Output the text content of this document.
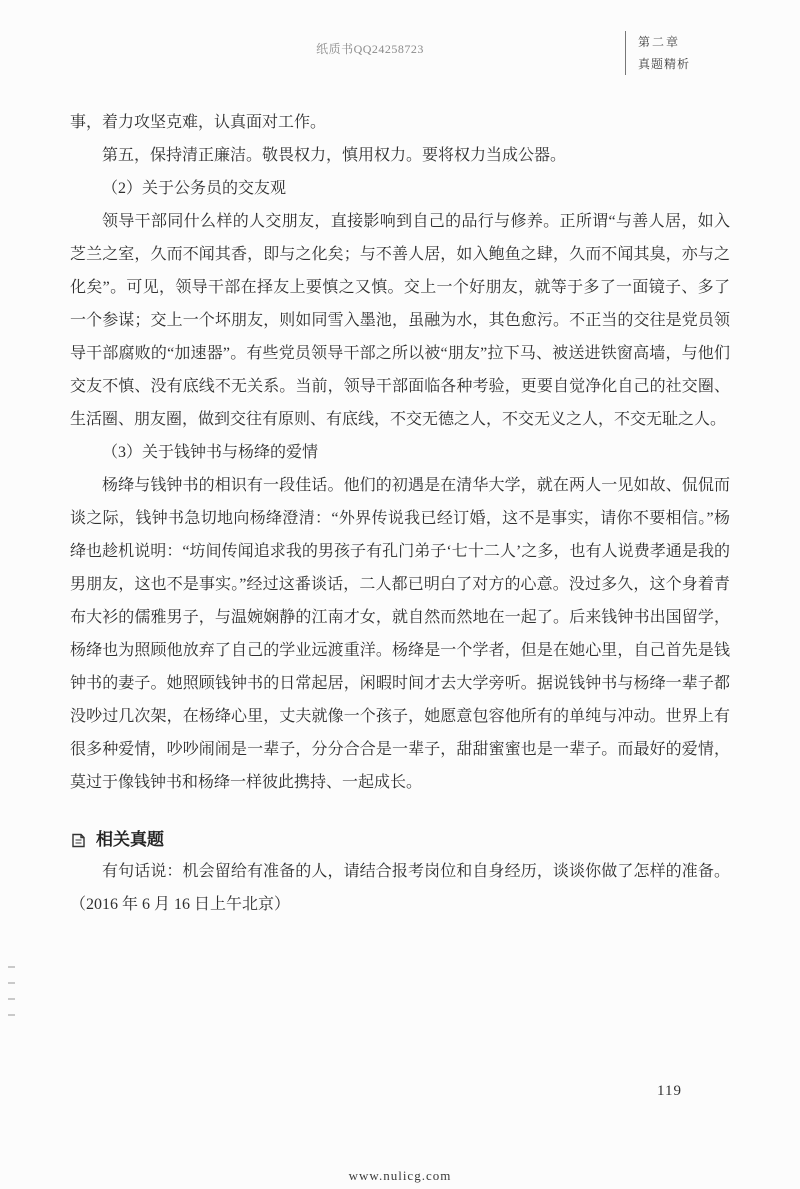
纸质书QQ24258723	第二章
真题精析

事，着力攻坚克难，认真面对工作。

第五，保持清正廉洁。敬畏权力，慎用权力。要将权力当成公器。

（2）关于公务员的交友观

领导干部同什么样的人交朋友，直接影响到自己的品行与修养。正所谓“与善人居，如入芝兰之室，久而不闻其香，即与之化矣；与不善人居，如入鲍鱼之肆，久而不闻其臭，亦与之化矣”。可见，领导干部在择友上要慎之又慎。交上一个好朋友，就等于多了一面镜子、多了一个参谋；交上一个坏朋友，则如同雪入墨池，虽融为水，其色愈污。不正当的交往是党员领导干部腐败的“加速器”。有些党员领导干部之所以被“朋友”拉下马、被送进铁窗高墙，与他们交友不慎、没有底线不无关系。当前，领导干部面临各种考验，更要自觉净化自己的社交圈、生活圈、朋友圈，做到交往有原则、有底线，不交无德之人，不交无义之人，不交无耻之人。

（3）关于钱钟书与杨绛的爱情

杨绛与钱钟书的相识有一段佳话。他们的初遇是在清华大学，就在两人一见如故、侃侃而谈之际，钱钟书急切地向杨绛澄清：“外界传说我已经订婚，这不是事实，请你不要相信。”杨绛也趁机说明：“坊间传闻追求我的男孩子有孔门弟子‘七十二人’之多，也有人说费孝通是我的男朋友，这也不是事实。”经过这番谈话，二人都已明白了对方的心意。没过多久，这个身着青布大衫的儒雅男子，与温婉娴静的江南才女，就自然而然地在一起了。后来钱钟书出国留学，杨绛也为照顾他放弃了自己的学业远渡重洋。杨绛是一个学者，但是在她心里，自己首先是钱钟书的妻子。她照顾钱钟书的日常起居，闲暇时间才去大学旁听。据说钱钟书与杨绛一辈子都没吵过几次架，在杨绛心里，丈夫就像一个孩子，她愿意包容他所有的单纯与冲动。世界上有很多种爱情，吵吵闹闹是一辈子，分分合合是一辈子，甜甜蜜蜜也是一辈子。而最好的爱情，莫过于像钱钟书和杨绛一样彼此携持、一起成长。

相关真题

有句话说：机会留给有准备的人，请结合报考岗位和自身经历，谈谈你做了怎样的准备。（2016 年 6 月 16 日上午北京）

119
www.nulicg.com
